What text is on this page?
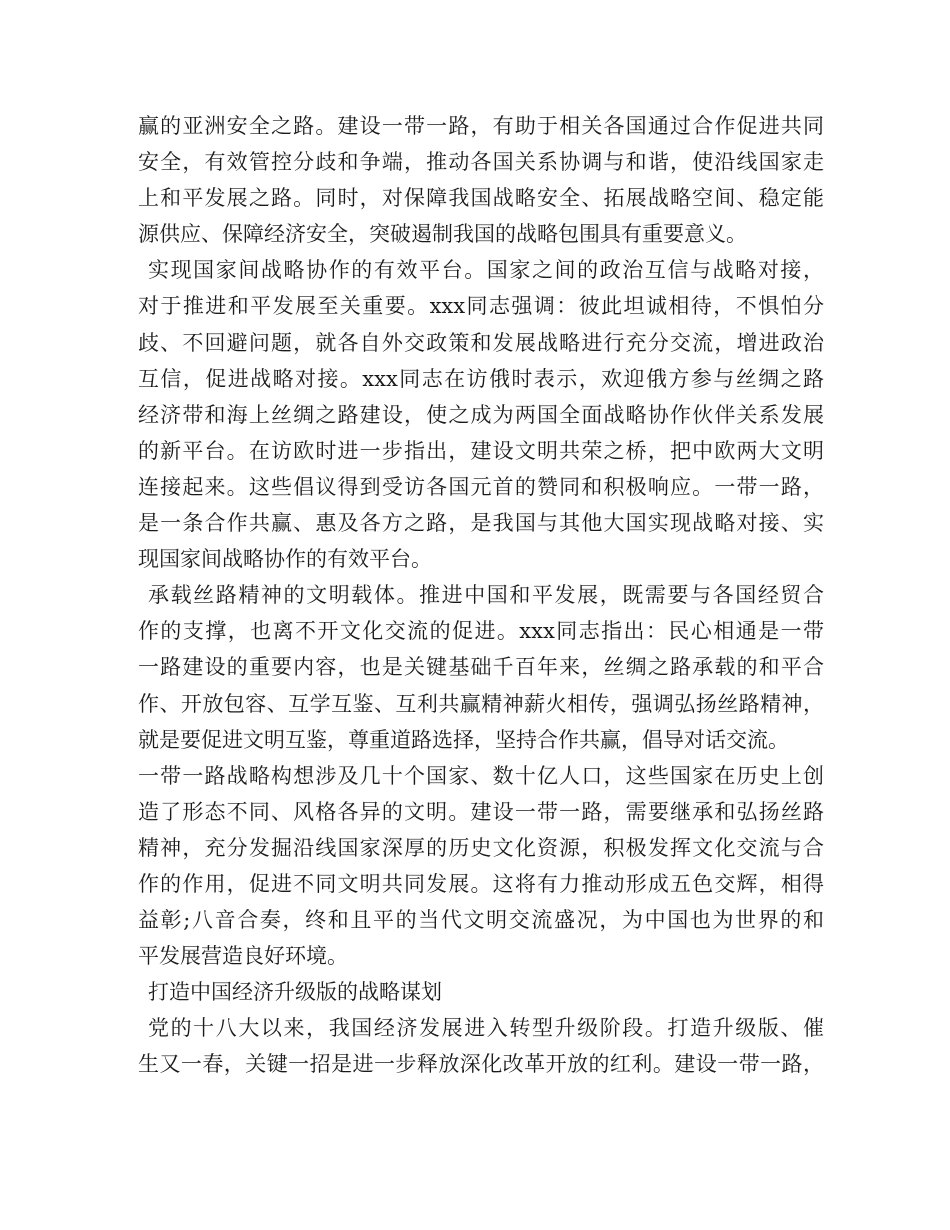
赢的亚洲安全之路。建设一带一路，有助于相关各国通过合作促进共同
安全，有效管控分歧和争端，推动各国关系协调与和谐，使沿线国家走
上和平发展之路。同时，对保障我国战略安全、拓展战略空间、稳定能
源供应、保障经济安全，突破遏制我国的战略包围具有重要意义。
实现国家间战略协作的有效平台。国家之间的政治互信与战略对接，
对于推进和平发展至关重要。xxx同志强调：彼此坦诚相待，不惧怕分
歧、不回避问题，就各自外交政策和发展战略进行充分交流，增进政治
互信，促进战略对接。xxx同志在访俄时表示，欢迎俄方参与丝绸之路
经济带和海上丝绸之路建设，使之成为两国全面战略协作伙伴关系发展
的新平台。在访欧时进一步指出，建设文明共荣之桥，把中欧两大文明
连接起来。这些倡议得到受访各国元首的赞同和积极响应。一带一路，
是一条合作共赢、惠及各方之路，是我国与其他大国实现战略对接、实
现国家间战略协作的有效平台。
承载丝路精神的文明载体。推进中国和平发展，既需要与各国经贸合
作的支撑，也离不开文化交流的促进。xxx同志指出：民心相通是一带
一路建设的重要内容，也是关键基础千百年来，丝绸之路承载的和平合
作、开放包容、互学互鉴、互利共赢精神薪火相传，强调弘扬丝路精神，
就是要促进文明互鉴，尊重道路选择，坚持合作共赢，倡导对话交流。
一带一路战略构想涉及几十个国家、数十亿人口，这些国家在历史上创
造了形态不同、风格各异的文明。建设一带一路，需要继承和弘扬丝路
精神，充分发掘沿线国家深厚的历史文化资源，积极发挥文化交流与合
作的作用，促进不同文明共同发展。这将有力推动形成五色交辉，相得
益彰;八音合奏，终和且平的当代文明交流盛况，为中国也为世界的和
平发展营造良好环境。
打造中国经济升级版的战略谋划
党的十八大以来，我国经济发展进入转型升级阶段。打造升级版、催
生又一春，关键一招是进一步释放深化改革开放的红利。建设一带一路，
